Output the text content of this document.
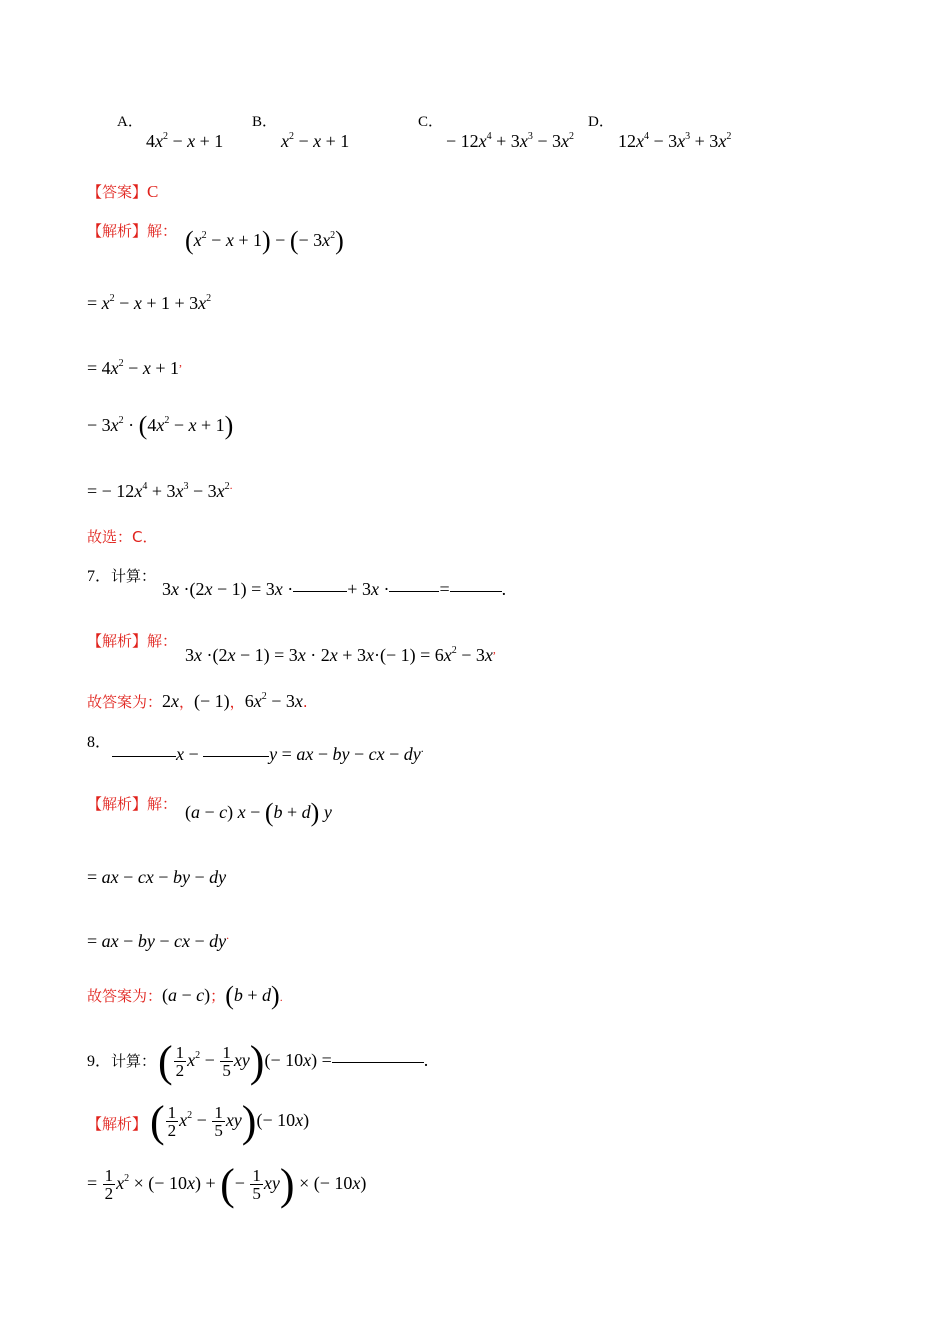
A．
$4x^2 - x + 1$
B．
$x^2 - x + 1$
C．
− $12x^4 + 3x^3 - 3x^2$
D．
$12x^4 - 3x^3 + 3x^2$
【答案】C
【解析】解： $(x^2 - x + 1)$ − (− $3x^2$)
= $x^2 - x + 1 + 3x^2$
= $4x^2 - x + 1^,$
− $3x^2 \cdot (4x^2 - x + 1)$
= − $12x^4 + 3x^3 - 3x^{2.}$
故选：C．
7．计算：
3x ·(2x − 1) = 3x ·	+ 3x ·	=	.
【解析】解：
$3x \cdot(2x - 1) = 3x \cdot 2x + 3x\cdot(- 1) = 6x^2 - 3x^,$
故答案为：2x，(− 1)，$6x^2 - 3x$.
8．
x −	y = ax − by − cx − dy.
【解析】解： (a − c) x − (b + d) y
= ax − cx − by − dy
= ax − by − cx − dy.
故答案为：(a − c)；(b + d).
9．计算： ( $\frac{1}{2} x^2 - \frac{1}{5} xy)(- 10x)$ =	.
【解析】 ( $\frac{1}{2} x^2 - \frac{1}{5} xy)(- 10x)$
= $\frac{1}{2} x^2$ × (− 10x) + (− $\frac{1}{5} xy$) × (− 10x)
